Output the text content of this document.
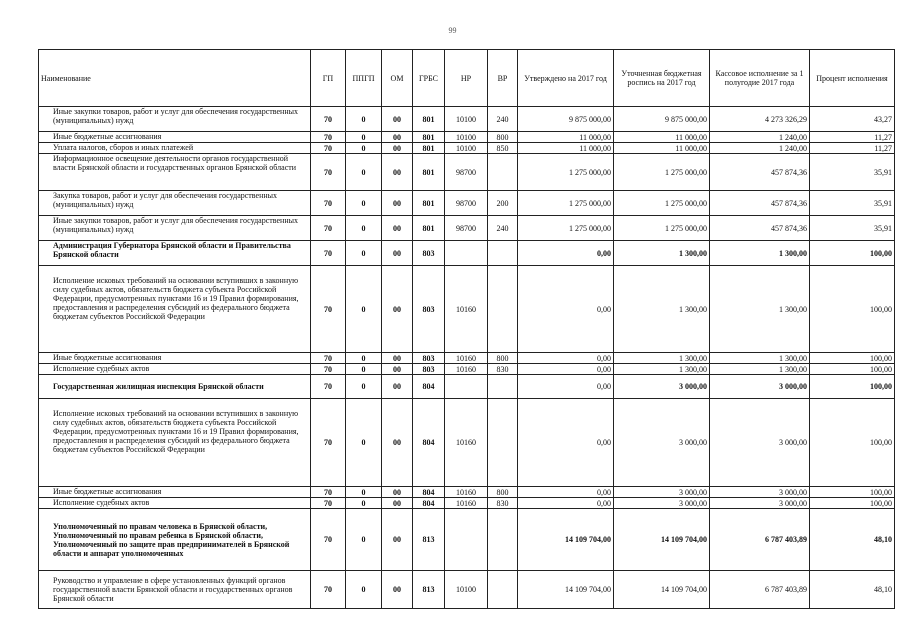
99
Наименование	ГП	ППГП	ОМ	ГРБС	НР	ВР	Утверждено на 2017 год	Уточненная бюджетная роспись на 2017 год	Кассовое исполнение за 1 полугодие 2017 года	Процент исполнения
Иные закупки товаров, работ и услуг для обеспечения государственных (муниципальных) нужд	70	0	00	801	10100	240	9 875 000,00	9 875 000,00	4 273 326,29	43,27
Иные бюджетные ассигнования	70	0	00	801	10100	800	11 000,00	11 000,00	1 240,00	11,27
Уплата налогов, сборов и иных платежей	70	0	00	801	10100	850	11 000,00	11 000,00	1 240,00	11,27
Информационное освещение деятельности органов государственной власти Брянской области и государственных органов Брянской области	70	0	00	801	98700		1 275 000,00	1 275 000,00	457 874,36	35,91
Закупка товаров, работ и услуг для обеспечения государственных (муниципальных) нужд	70	0	00	801	98700	200	1 275 000,00	1 275 000,00	457 874,36	35,91
Иные закупки товаров, работ и услуг для обеспечения государственных (муниципальных) нужд	70	0	00	801	98700	240	1 275 000,00	1 275 000,00	457 874,36	35,91
Администрация Губернатора Брянской области и Правительства Брянской области	70	0	00	803			0,00	1 300,00	1 300,00	100,00
Исполнение исковых требований на основании вступивших в законную силу судебных актов, обязательств бюджета субъекта Российской Федерации, предусмотренных пунктами 16 и 19 Правил формирования, предоставления и распределения субсидий из федерального бюджета бюджетам субъектов Российской Федерации	70	0	00	803	10160		0,00	1 300,00	1 300,00	100,00
Иные бюджетные ассигнования	70	0	00	803	10160	800	0,00	1 300,00	1 300,00	100,00
Исполнение судебных актов	70	0	00	803	10160	830	0,00	1 300,00	1 300,00	100,00
Государственная жилищная инспекция Брянской области	70	0	00	804			0,00	3 000,00	3 000,00	100,00
Исполнение исковых требований на основании вступивших в законную силу судебных актов, обязательств бюджета субъекта Российской Федерации, предусмотренных пунктами 16 и 19 Правил формирования, предоставления и распределения субсидий из федерального бюджета бюджетам субъектов Российской Федерации	70	0	00	804	10160		0,00	3 000,00	3 000,00	100,00
Иные бюджетные ассигнования	70	0	00	804	10160	800	0,00	3 000,00	3 000,00	100,00
Исполнение судебных актов	70	0	00	804	10160	830	0,00	3 000,00	3 000,00	100,00
Уполномоченный по правам человека в Брянской области, Уполномоченный по правам ребенка в Брянской области, Уполномоченный по защите прав предпринимателей в Брянской области и аппарат уполномоченных	70	0	00	813			14 109 704,00	14 109 704,00	6 787 403,89	48,10
Руководство и управление в сфере установленных функций органов государственной власти Брянской области и государственных органов Брянской области	70	0	00	813	10100		14 109 704,00	14 109 704,00	6 787 403,89	48,10
